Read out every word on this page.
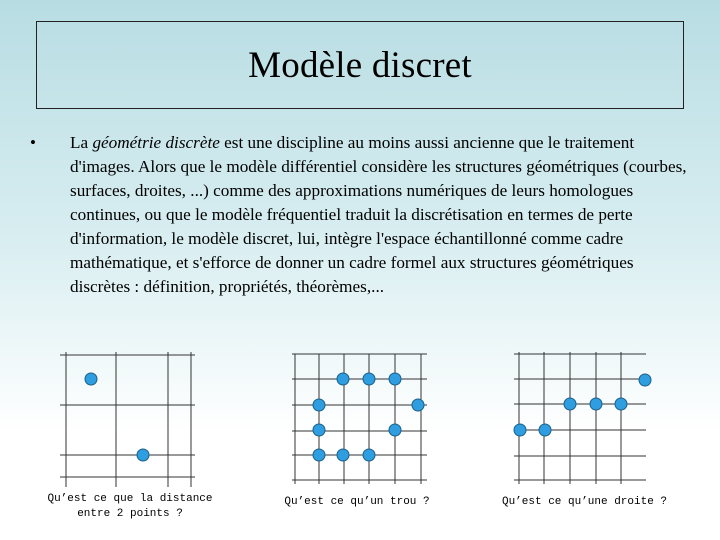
Modèle discret
• La géométrie discrète est une discipline au moins aussi ancienne que le traitement d'images. Alors que le modèle différentiel considère les structures géométriques (courbes, surfaces, droites, ...) comme des approximations numériques de leurs homologues continues, ou que le modèle fréquentiel traduit la discrétisation en termes de perte d'information, le modèle discret, lui, intègre l'espace échantillonné comme cadre mathématique, et s'efforce de donner un cadre formel aux structures géométriques discrètes : définition, propriétés, théorèmes,...

Qu’est ce que la distance
entre 2 points ?
Qu’est ce qu’un trou ?	Qu’est ce qu’une droite ?
